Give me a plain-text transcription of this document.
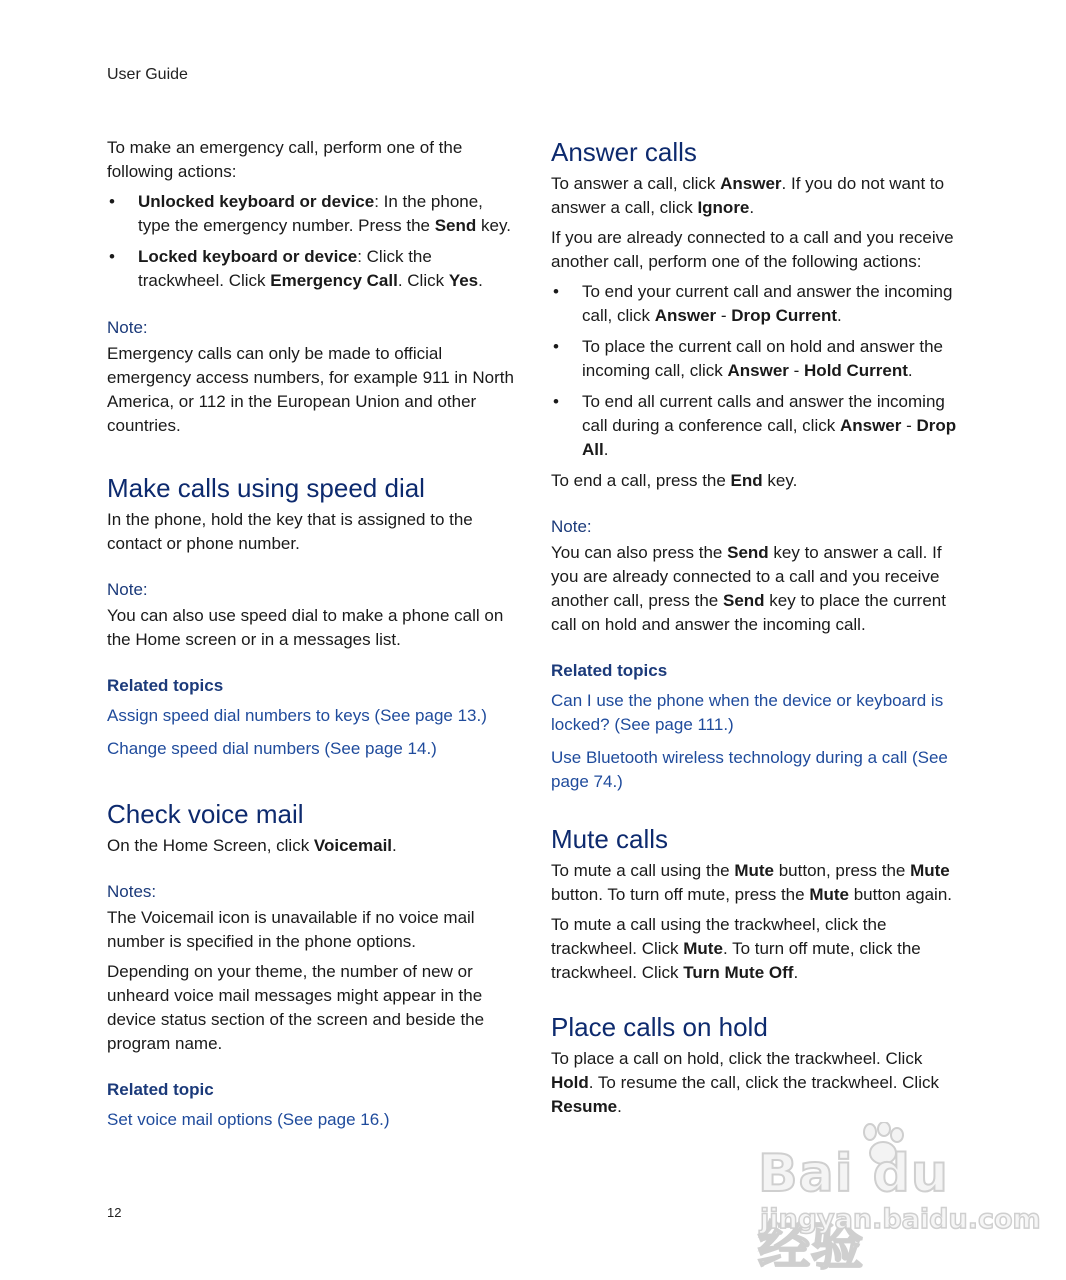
User Guide

To make an emergency call, perform one of the following actions:

• Unlocked keyboard or device: In the phone, type the emergency number. Press the Send key.
• Locked keyboard or device: Click the trackwheel. Click Emergency Call. Click Yes.

Note:

Emergency calls can only be made to official emergency access numbers, for example 911 in North America, or 112 in the European Union and other countries.

Make calls using speed dial

In the phone, hold the key that is assigned to the contact or phone number.

Note:

You can also use speed dial to make a phone call on the Home screen or in a messages list.

Related topics

Assign speed dial numbers to keys (See page 13.)
Change speed dial numbers (See page 14.)
Check voice mail

On the Home Screen, click Voicemail.

Notes:

The Voicemail icon is unavailable if no voice mail number is specified in the phone options.

Depending on your theme, the number of new or unheard voice mail messages might appear in the device status section of the screen and beside the program name.

Related topic

Set voice mail options (See page 16.)
Answer calls

To answer a call, click Answer. If you do not want to answer a call, click Ignore.

If you are already connected to a call and you receive another call, perform one of the following actions:

• To end your current call and answer the incoming call, click Answer - Drop Current.
• To place the current call on hold and answer the incoming call, click Answer - Hold Current.
• To end all current calls and answer the incoming call during a conference call, click Answer - Drop All.

To end a call, press the End key.

Note:

You can also press the Send key to answer a call. If you are already connected to a call and you receive another call, press the Send key to place the current call on hold and answer the incoming call.

Related topics

Can I use the phone when the device or keyboard is locked? (See page 111.)
Use Bluetooth wireless technology during a call (See page 74.)
Mute calls

To mute a call using the Mute button, press the Mute button. To turn off mute, press the Mute button again.

To mute a call using the trackwheel, click the trackwheel. Click Mute. To turn off mute, click the trackwheel. Click Turn Mute Off.

Place calls on hold

To place a call on hold, click the trackwheel. Click Hold. To resume the call, click the trackwheel. Click Resume.

12
Bai du 经验
jingyan.baidu.com
